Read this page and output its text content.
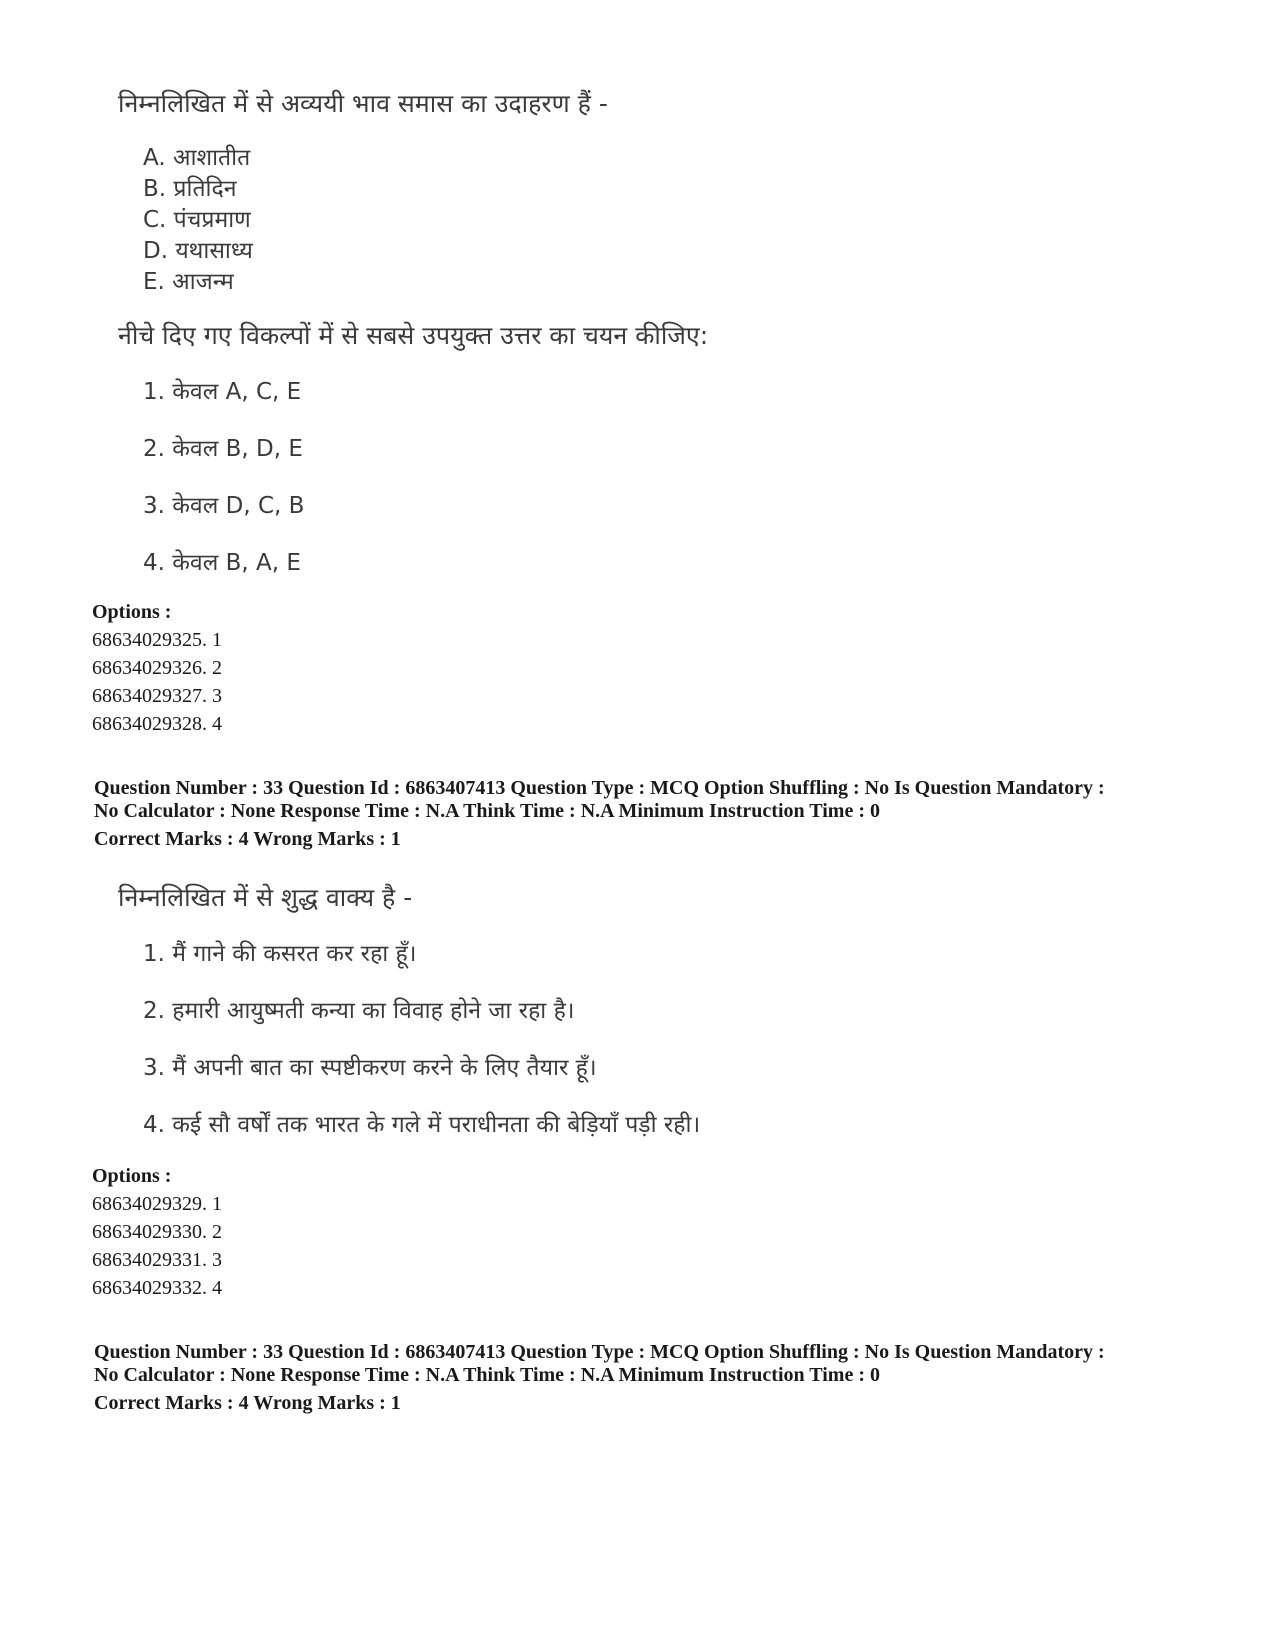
निम्नलिखित में से अव्ययी भाव समास का उदाहरण हैं -
A. आशातीत
B. प्रतिदिन
C. पंचप्रमाण
D. यथासाध्य
E. आजन्म
नीचे दिए गए विकल्पों में से सबसे उपयुक्त उत्तर का चयन कीजिए:
1. केवल A, C, E
2. केवल B, D, E
3. केवल D, C, B
4. केवल B, A, E
Options :
68634029325. 1
68634029326. 2
68634029327. 3
68634029328. 4
Question Number : 33 Question Id : 6863407413 Question Type : MCQ Option Shuffling : No Is Question Mandatory :
No Calculator : None Response Time : N.A Think Time : N.A Minimum Instruction Time : 0
Correct Marks : 4 Wrong Marks : 1
निम्नलिखित में से शुद्ध वाक्य है -
1. मैं गाने की कसरत कर रहा हूँ।
2. हमारी आयुष्मती कन्या का विवाह होने जा रहा है।
3. मैं अपनी बात का स्पष्टीकरण करने के लिए तैयार हूँ।
4. कई सौ वर्षों तक भारत के गले में पराधीनता की बेड़ियाँ पड़ी रही।
Options :
68634029329. 1
68634029330. 2
68634029331. 3
68634029332. 4
Question Number : 33 Question Id : 6863407413 Question Type : MCQ Option Shuffling : No Is Question Mandatory :
No Calculator : None Response Time : N.A Think Time : N.A Minimum Instruction Time : 0
Correct Marks : 4 Wrong Marks : 1
